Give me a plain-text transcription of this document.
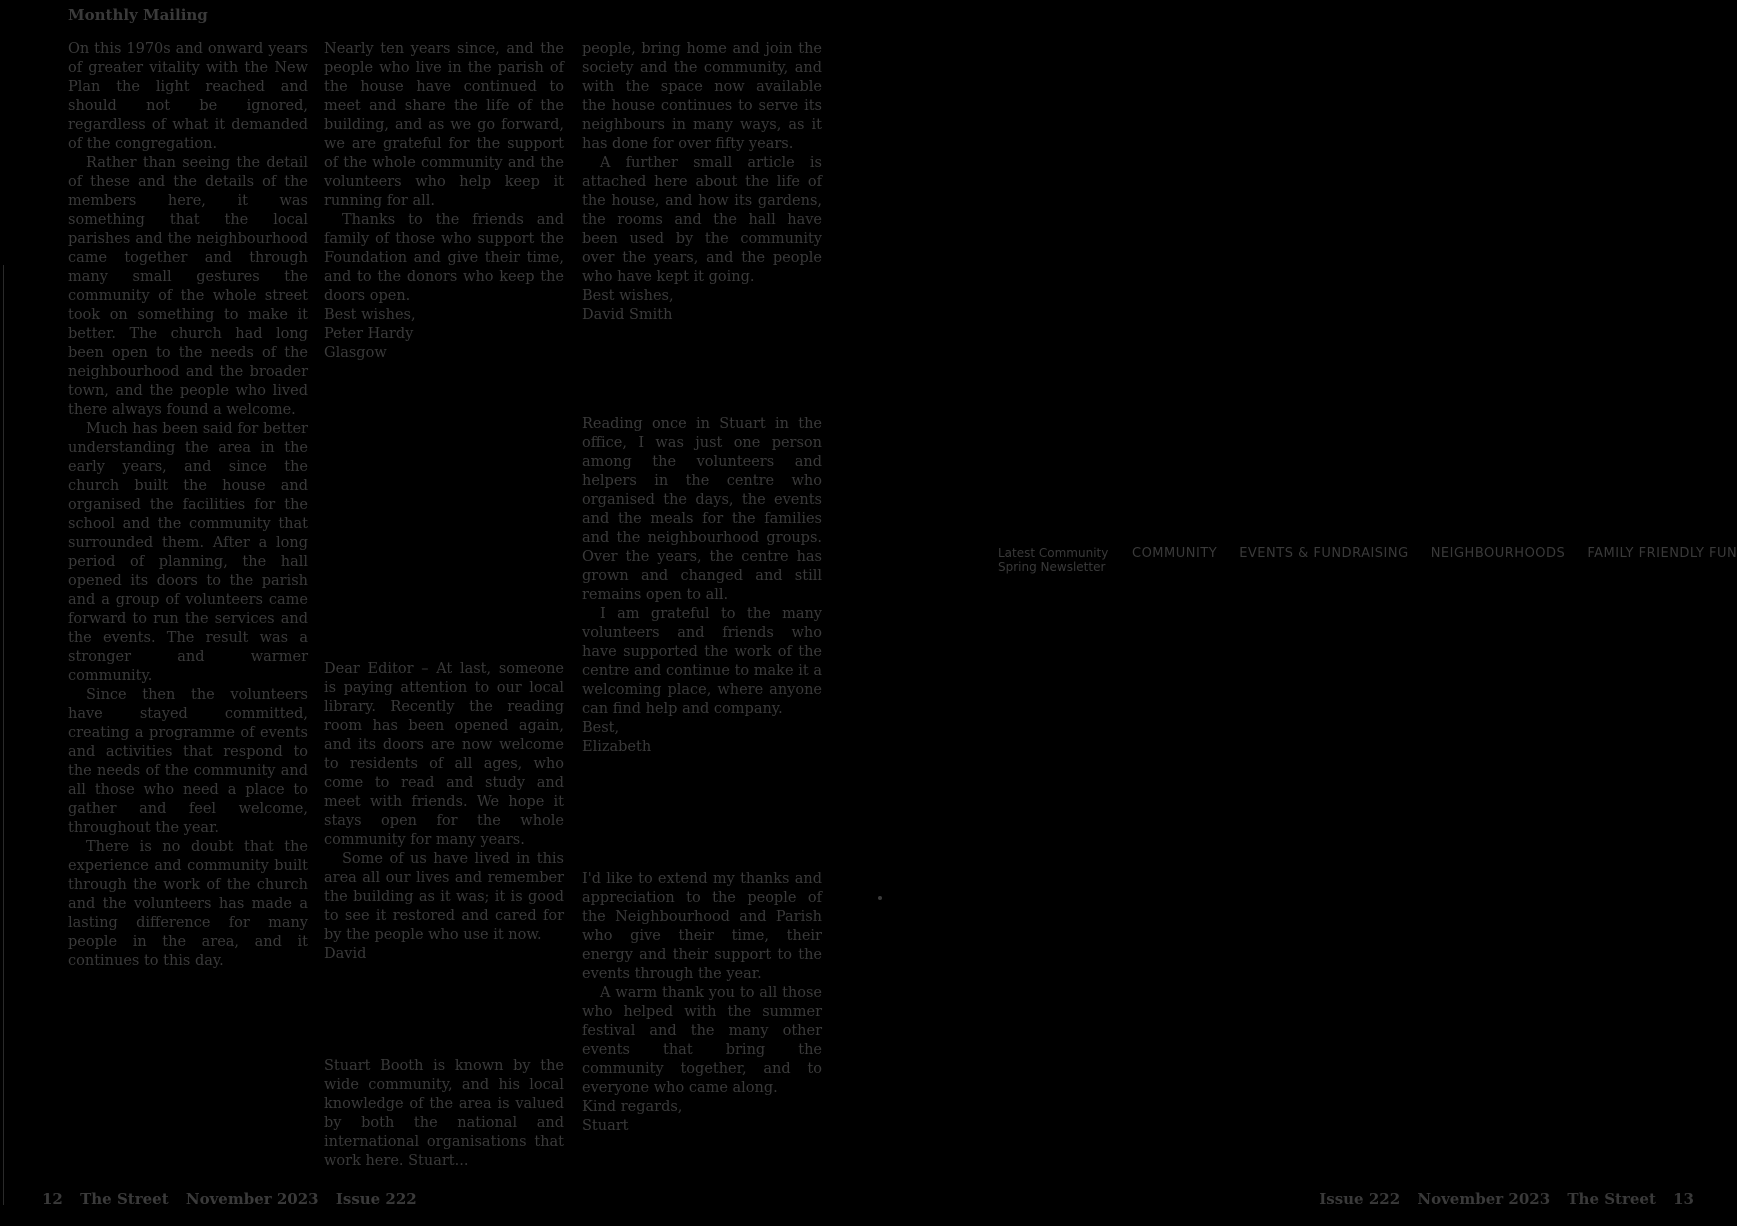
Monthly Mailing

On this 1970s and onward years of greater vitality with the New Plan the light reached and should not be ignored, regardless of what it demanded of the congregation.

Rather than seeing the detail of these and the details of the members here, it was something that the local parishes and the neighbourhood came together and through many small gestures the community of the whole street took on something to make it better. The church had long been open to the needs of the neighbourhood and the broader town, and the people who lived there always found a welcome.

Much has been said for better understanding the area in the early years, and since the church built the house and organised the facilities for the school and the community that surrounded them. After a long period of planning, the hall opened its doors to the parish and a group of volunteers came forward to run the services and the events. The result was a stronger and warmer community.

Since then the volunteers have stayed committed, creating a programme of events and activities that respond to the needs of the community and all those who need a place to gather and feel welcome, throughout the year.

There is no doubt that the experience and community built through the work of the church and the volunteers has made a lasting difference for many people in the area, and it continues to this day.

Nearly ten years since, and the people who live in the parish of the house have continued to meet and share the life of the building, and as we go forward, we are grateful for the support of the whole community and the volunteers who help keep it running for all.

Thanks to the friends and family of those who support the Foundation and give their time, and to the donors who keep the doors open.

Best wishes,
Peter Hardy
Glasgow

Dear Editor – At last, someone is paying attention to our local library. Recently the reading room has been opened again, and its doors are now welcome to residents of all ages, who come to read and study and meet with friends. We hope it stays open for the whole community for many years.

Some of us have lived in this area all our lives and remember the building as it was; it is good to see it restored and cared for by the people who use it now.

David

Stuart Booth is known by the wide community, and his local knowledge of the area is valued by both the national and international organisations that work here. Stuart...

people, bring home and join the society and the community, and with the space now available the house continues to serve its neighbours in many ways, as it has done for over fifty years.

A further small article is attached here about the life of the house, and how its gardens, the rooms and the hall have been used by the community over the years, and the people who have kept it going.

Best wishes,
David Smith

Reading once in Stuart in the office, I was just one person among the volunteers and helpers in the centre who organised the days, the events and the meals for the families and the neighbourhood groups. Over the years, the centre has grown and changed and still remains open to all.

I am grateful to the many volunteers and friends who have supported the work of the centre and continue to make it a welcoming place, where anyone can find help and company.

Best,
Elizabeth

I'd like to extend my thanks and appreciation to the people of the Neighbourhood and Parish who give their time, their energy and their support to the events through the year.

A warm thank you to all those who helped with the summer festival and the many other events that bring the community together, and to everyone who came along.

Kind regards,
Stuart
Latest Community Spring Newsletter
COMMUNITY EVENTS & FUNDRAISING NEIGHBOURHOODS FAMILY FRIENDLY FUN
12 The Street November 2023 Issue 222	Issue 222 November 2023 The Street 13
